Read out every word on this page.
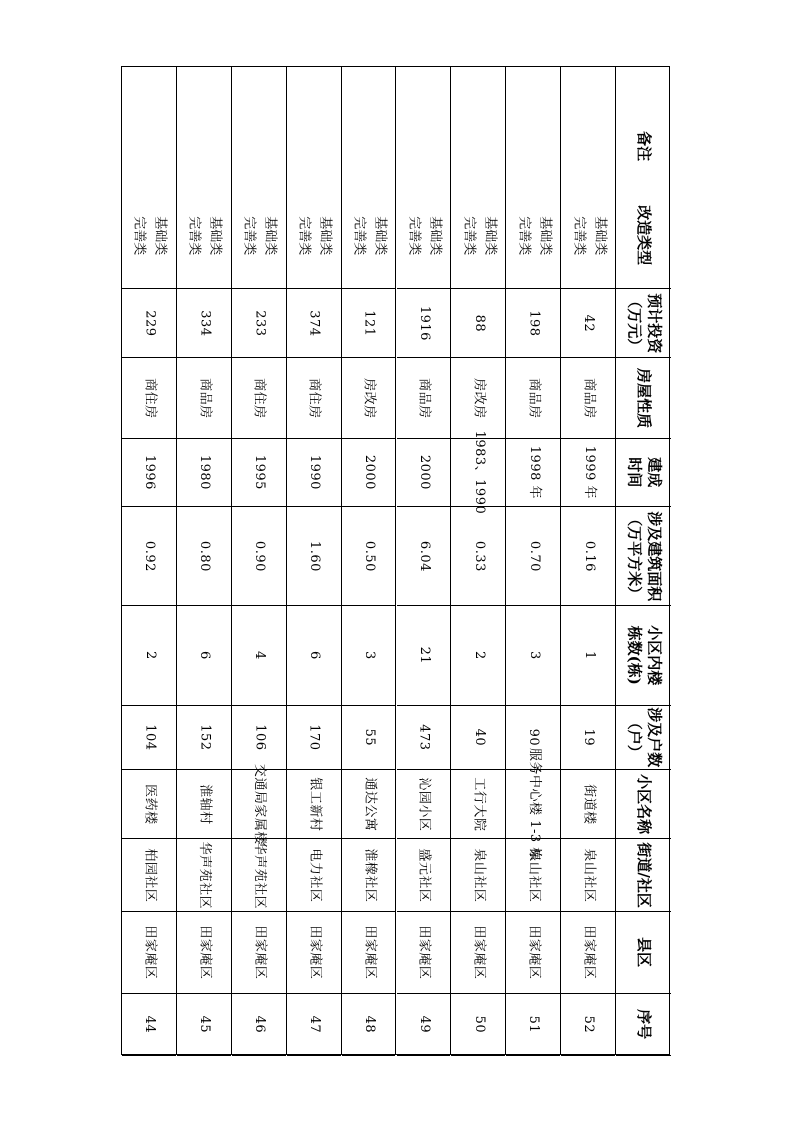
序号
县区
街道/社区
小区名称
涉及户数
（户）
小区内楼
栋数(栋)
涉及建筑面积
（万平方米）
建成
时间
房屋性质
预计投资
（万元）
改造类型
备注
52
田家庵区
泉山社区
街道楼
19
1
0.16
1999 年
商品房
42
基础类
完善类
51
田家庵区
泉山社区
服务中心楼 1-3 栋
90
3
0.70
1998 年
商品房
198
基础类
完善类
50
田家庵区
泉山社区
工行大院
40
2
0.33
1983、1990
房改房
88
基础类
完善类
49
田家庵区
盛元社区
沁园小区
473
21
6.04
2000
商品房
1916
基础类
完善类
48
田家庵区
淮橡社区
通达公寓
55
3
0.50
2000
房改房
121
基础类
完善类
47
田家庵区
电力社区
银工新村
170
6
1.60
1990
商住房
374
基础类
完善类
46
田家庵区
华声苑社区
交通局家属楼
106
4
0.90
1995
商住房
233
基础类
完善类
45
田家庵区
华声苑社区
淮轴村
152
6
0.80
1980
商品房
334
基础类
完善类
44
田家庵区
柏园社区
医药楼
104
2
0.92
1996
商住房
229
基础类
完善类
